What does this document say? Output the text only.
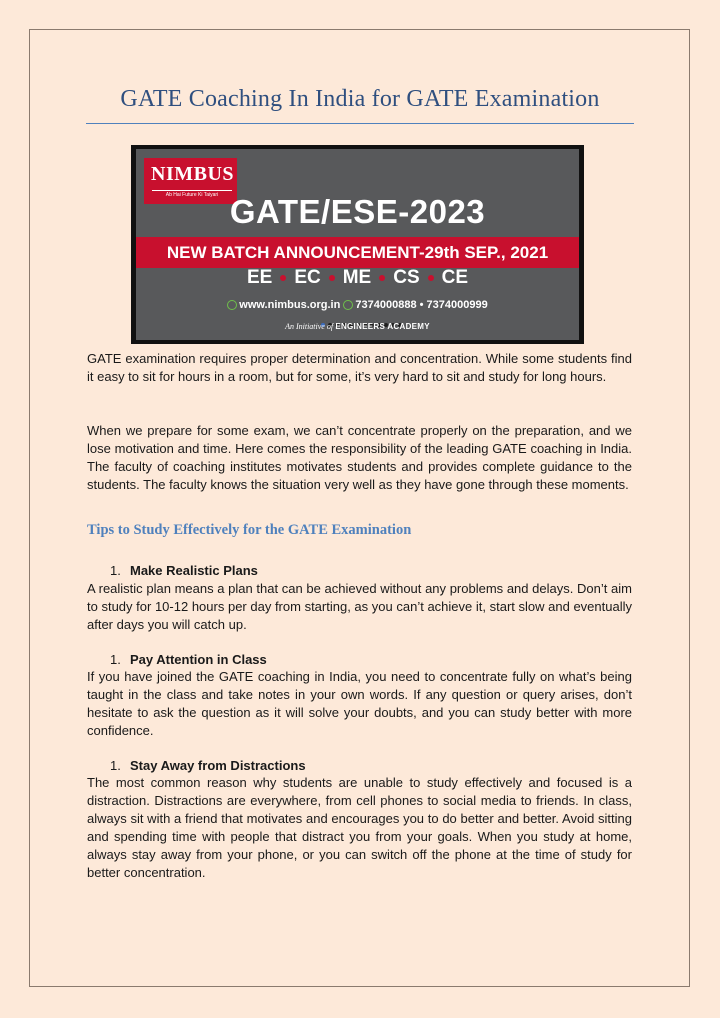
GATE Coaching In India for GATE Examination
NIMBUS
Ab Hai Future Ki Taiyari GATE/ESE-2023
NEW BATCH ANNOUNCEMENT-29th SEP., 2021
EE EC ME CS CE
www.nimbus.org.in 7374000888 • 7374000999
An Initiative of ENGINEERS ACADEMY

GATE examination requires proper determination and concentration. While some students find it easy to sit for hours in a room, but for some, it’s very hard to sit and study for long hours.

When we prepare for some exam, we can’t concentrate properly on the preparation, and we lose motivation and time. Here comes the responsibility of the leading GATE coaching in India. The faculty of coaching institutes motivates students and provides complete guidance to the students. The faculty knows the situation very well as they have gone through these moments.

Tips to Study Effectively for the GATE Examination

1. Make Realistic Plans

A realistic plan means a plan that can be achieved without any problems and delays. Don’t aim to study for 10-12 hours per day from starting, as you can’t achieve it, start slow and eventually after days you will catch up.

1. Pay Attention in Class

If you have joined the GATE coaching in India, you need to concentrate fully on what’s being taught in the class and take notes in your own words. If any question or query arises, don’t hesitate to ask the question as it will solve your doubts, and you can study better with more confidence.

1. Stay Away from Distractions

The most common reason why students are unable to study effectively and focused is a distraction. Distractions are everywhere, from cell phones to social media to friends. In class, always sit with a friend that motivates and encourages you to do better and better. Avoid sitting and spending time with people that distract you from your goals. When you study at home, always stay away from your phone, or you can switch off the phone at the time of study for better concentration.
